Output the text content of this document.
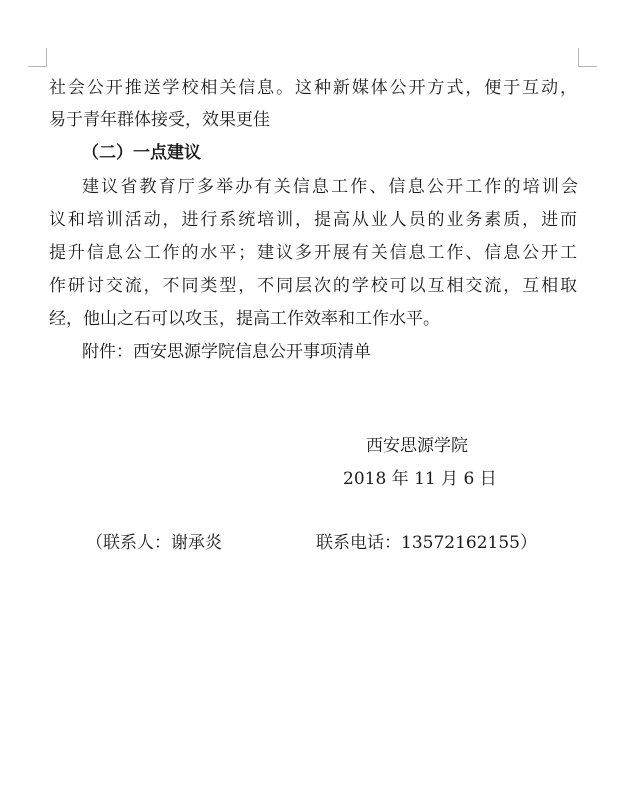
社会公开推送学校相关信息。这种新媒体公开方式，便于互动，
易于青年群体接受，效果更佳
（二）一点建议
建议省教育厅多举办有关信息工作、信息公开工作的培训会
议和培训活动，进行系统培训，提高从业人员的业务素质，进而
提升信息公工作的水平；建议多开展有关信息工作、信息公开工
作研讨交流，不同类型，不同层次的学校可以互相交流，互相取
经，他山之石可以攻玉，提高工作效率和工作水平。
附件：西安思源学院信息公开事项清单
西安思源学院
2018 年 11 月 6 日
（联系人：谢承炎	联系电话：13572162155）
